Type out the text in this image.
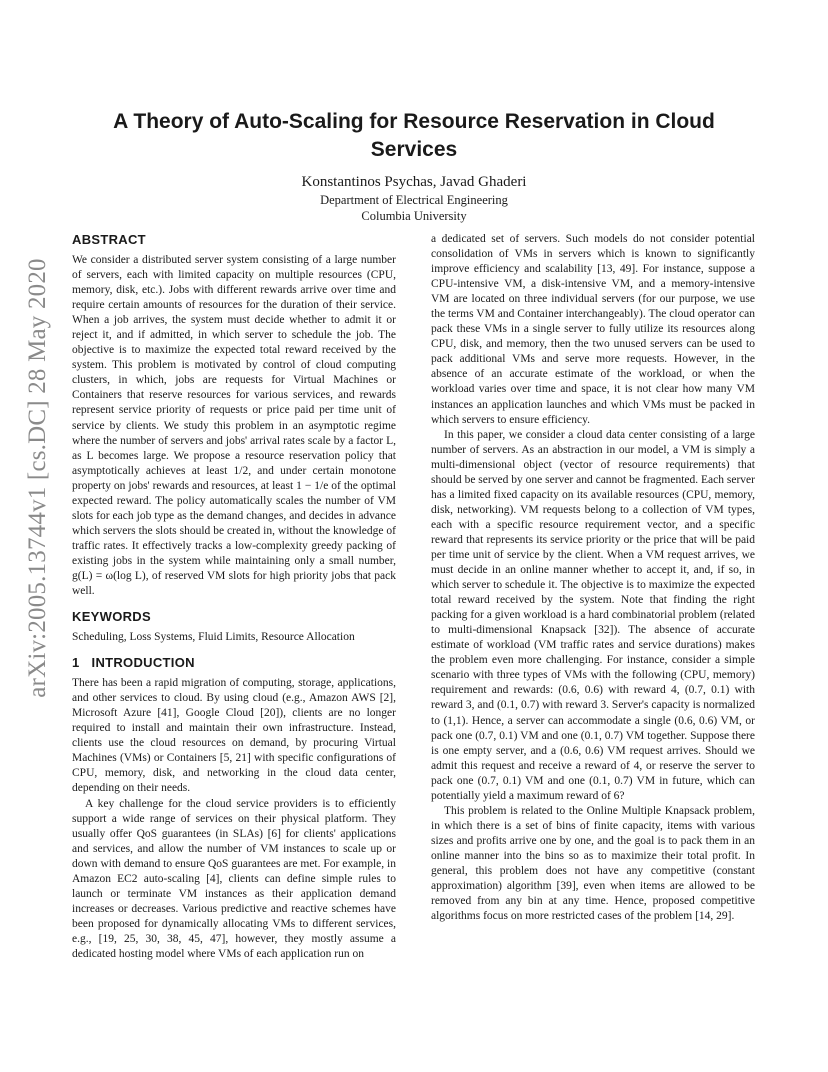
arXiv:2005.13744v1 [cs.DC] 28 May 2020
A Theory of Auto-Scaling for Resource Reservation in Cloud Services
Konstantinos Psychas, Javad Ghaderi
Department of Electrical Engineering
Columbia University
ABSTRACT

We consider a distributed server system consisting of a large number of servers, each with limited capacity on multiple resources (CPU, memory, disk, etc.). Jobs with different rewards arrive over time and require certain amounts of resources for the duration of their service. When a job arrives, the system must decide whether to admit it or reject it, and if admitted, in which server to schedule the job. The objective is to maximize the expected total reward received by the system. This problem is motivated by control of cloud computing clusters, in which, jobs are requests for Virtual Machines or Containers that reserve resources for various services, and rewards represent service priority of requests or price paid per time unit of service by clients. We study this problem in an asymptotic regime where the number of servers and jobs' arrival rates scale by a factor L, as L becomes large. We propose a resource reservation policy that asymptotically achieves at least 1/2, and under certain monotone property on jobs' rewards and resources, at least 1 − 1/e of the optimal expected reward. The policy automatically scales the number of VM slots for each job type as the demand changes, and decides in advance which servers the slots should be created in, without the knowledge of traffic rates. It effectively tracks a low-complexity greedy packing of existing jobs in the system while maintaining only a small number, g(L) = ω(log L), of reserved VM slots for high priority jobs that pack well.

KEYWORDS

Scheduling, Loss Systems, Fluid Limits, Resource Allocation

1 INTRODUCTION

There has been a rapid migration of computing, storage, applications, and other services to cloud. By using cloud (e.g., Amazon AWS [2], Microsoft Azure [41], Google Cloud [20]), clients are no longer required to install and maintain their own infrastructure. Instead, clients use the cloud resources on demand, by procuring Virtual Machines (VMs) or Containers [5, 21] with specific configurations of CPU, memory, disk, and networking in the cloud data center, depending on their needs.

A key challenge for the cloud service providers is to efficiently support a wide range of services on their physical platform. They usually offer QoS guarantees (in SLAs) [6] for clients' applications and services, and allow the number of VM instances to scale up or down with demand to ensure QoS guarantees are met. For example, in Amazon EC2 auto-scaling [4], clients can define simple rules to launch or terminate VM instances as their application demand increases or decreases. Various predictive and reactive schemes have been proposed for dynamically allocating VMs to different services, e.g., [19, 25, 30, 38, 45, 47], however, they mostly assume a dedicated hosting model where VMs of each application run on

a dedicated set of servers. Such models do not consider potential consolidation of VMs in servers which is known to significantly improve efficiency and scalability [13, 49]. For instance, suppose a CPU-intensive VM, a disk-intensive VM, and a memory-intensive VM are located on three individual servers (for our purpose, we use the terms VM and Container interchangeably). The cloud operator can pack these VMs in a single server to fully utilize its resources along CPU, disk, and memory, then the two unused servers can be used to pack additional VMs and serve more requests. However, in the absence of an accurate estimate of the workload, or when the workload varies over time and space, it is not clear how many VM instances an application launches and which VMs must be packed in which servers to ensure efficiency.

In this paper, we consider a cloud data center consisting of a large number of servers. As an abstraction in our model, a VM is simply a multi-dimensional object (vector of resource requirements) that should be served by one server and cannot be fragmented. Each server has a limited fixed capacity on its available resources (CPU, memory, disk, networking). VM requests belong to a collection of VM types, each with a specific resource requirement vector, and a specific reward that represents its service priority or the price that will be paid per time unit of service by the client. When a VM request arrives, we must decide in an online manner whether to accept it, and, if so, in which server to schedule it. The objective is to maximize the expected total reward received by the system. Note that finding the right packing for a given workload is a hard combinatorial problem (related to multi-dimensional Knapsack [32]). The absence of accurate estimate of workload (VM traffic rates and service durations) makes the problem even more challenging. For instance, consider a simple scenario with three types of VMs with the following (CPU, memory) requirement and rewards: (0.6, 0.6) with reward 4, (0.7, 0.1) with reward 3, and (0.1, 0.7) with reward 3. Server's capacity is normalized to (1,1). Hence, a server can accommodate a single (0.6, 0.6) VM, or pack one (0.7, 0.1) VM and one (0.1, 0.7) VM together. Suppose there is one empty server, and a (0.6, 0.6) VM request arrives. Should we admit this request and receive a reward of 4, or reserve the server to pack one (0.7, 0.1) VM and one (0.1, 0.7) VM in future, which can potentially yield a maximum reward of 6?

This problem is related to the Online Multiple Knapsack problem, in which there is a set of bins of finite capacity, items with various sizes and profits arrive one by one, and the goal is to pack them in an online manner into the bins so as to maximize their total profit. In general, this problem does not have any competitive (constant approximation) algorithm [39], even when items are allowed to be removed from any bin at any time. Hence, proposed competitive algorithms focus on more restricted cases of the problem [14, 29].
